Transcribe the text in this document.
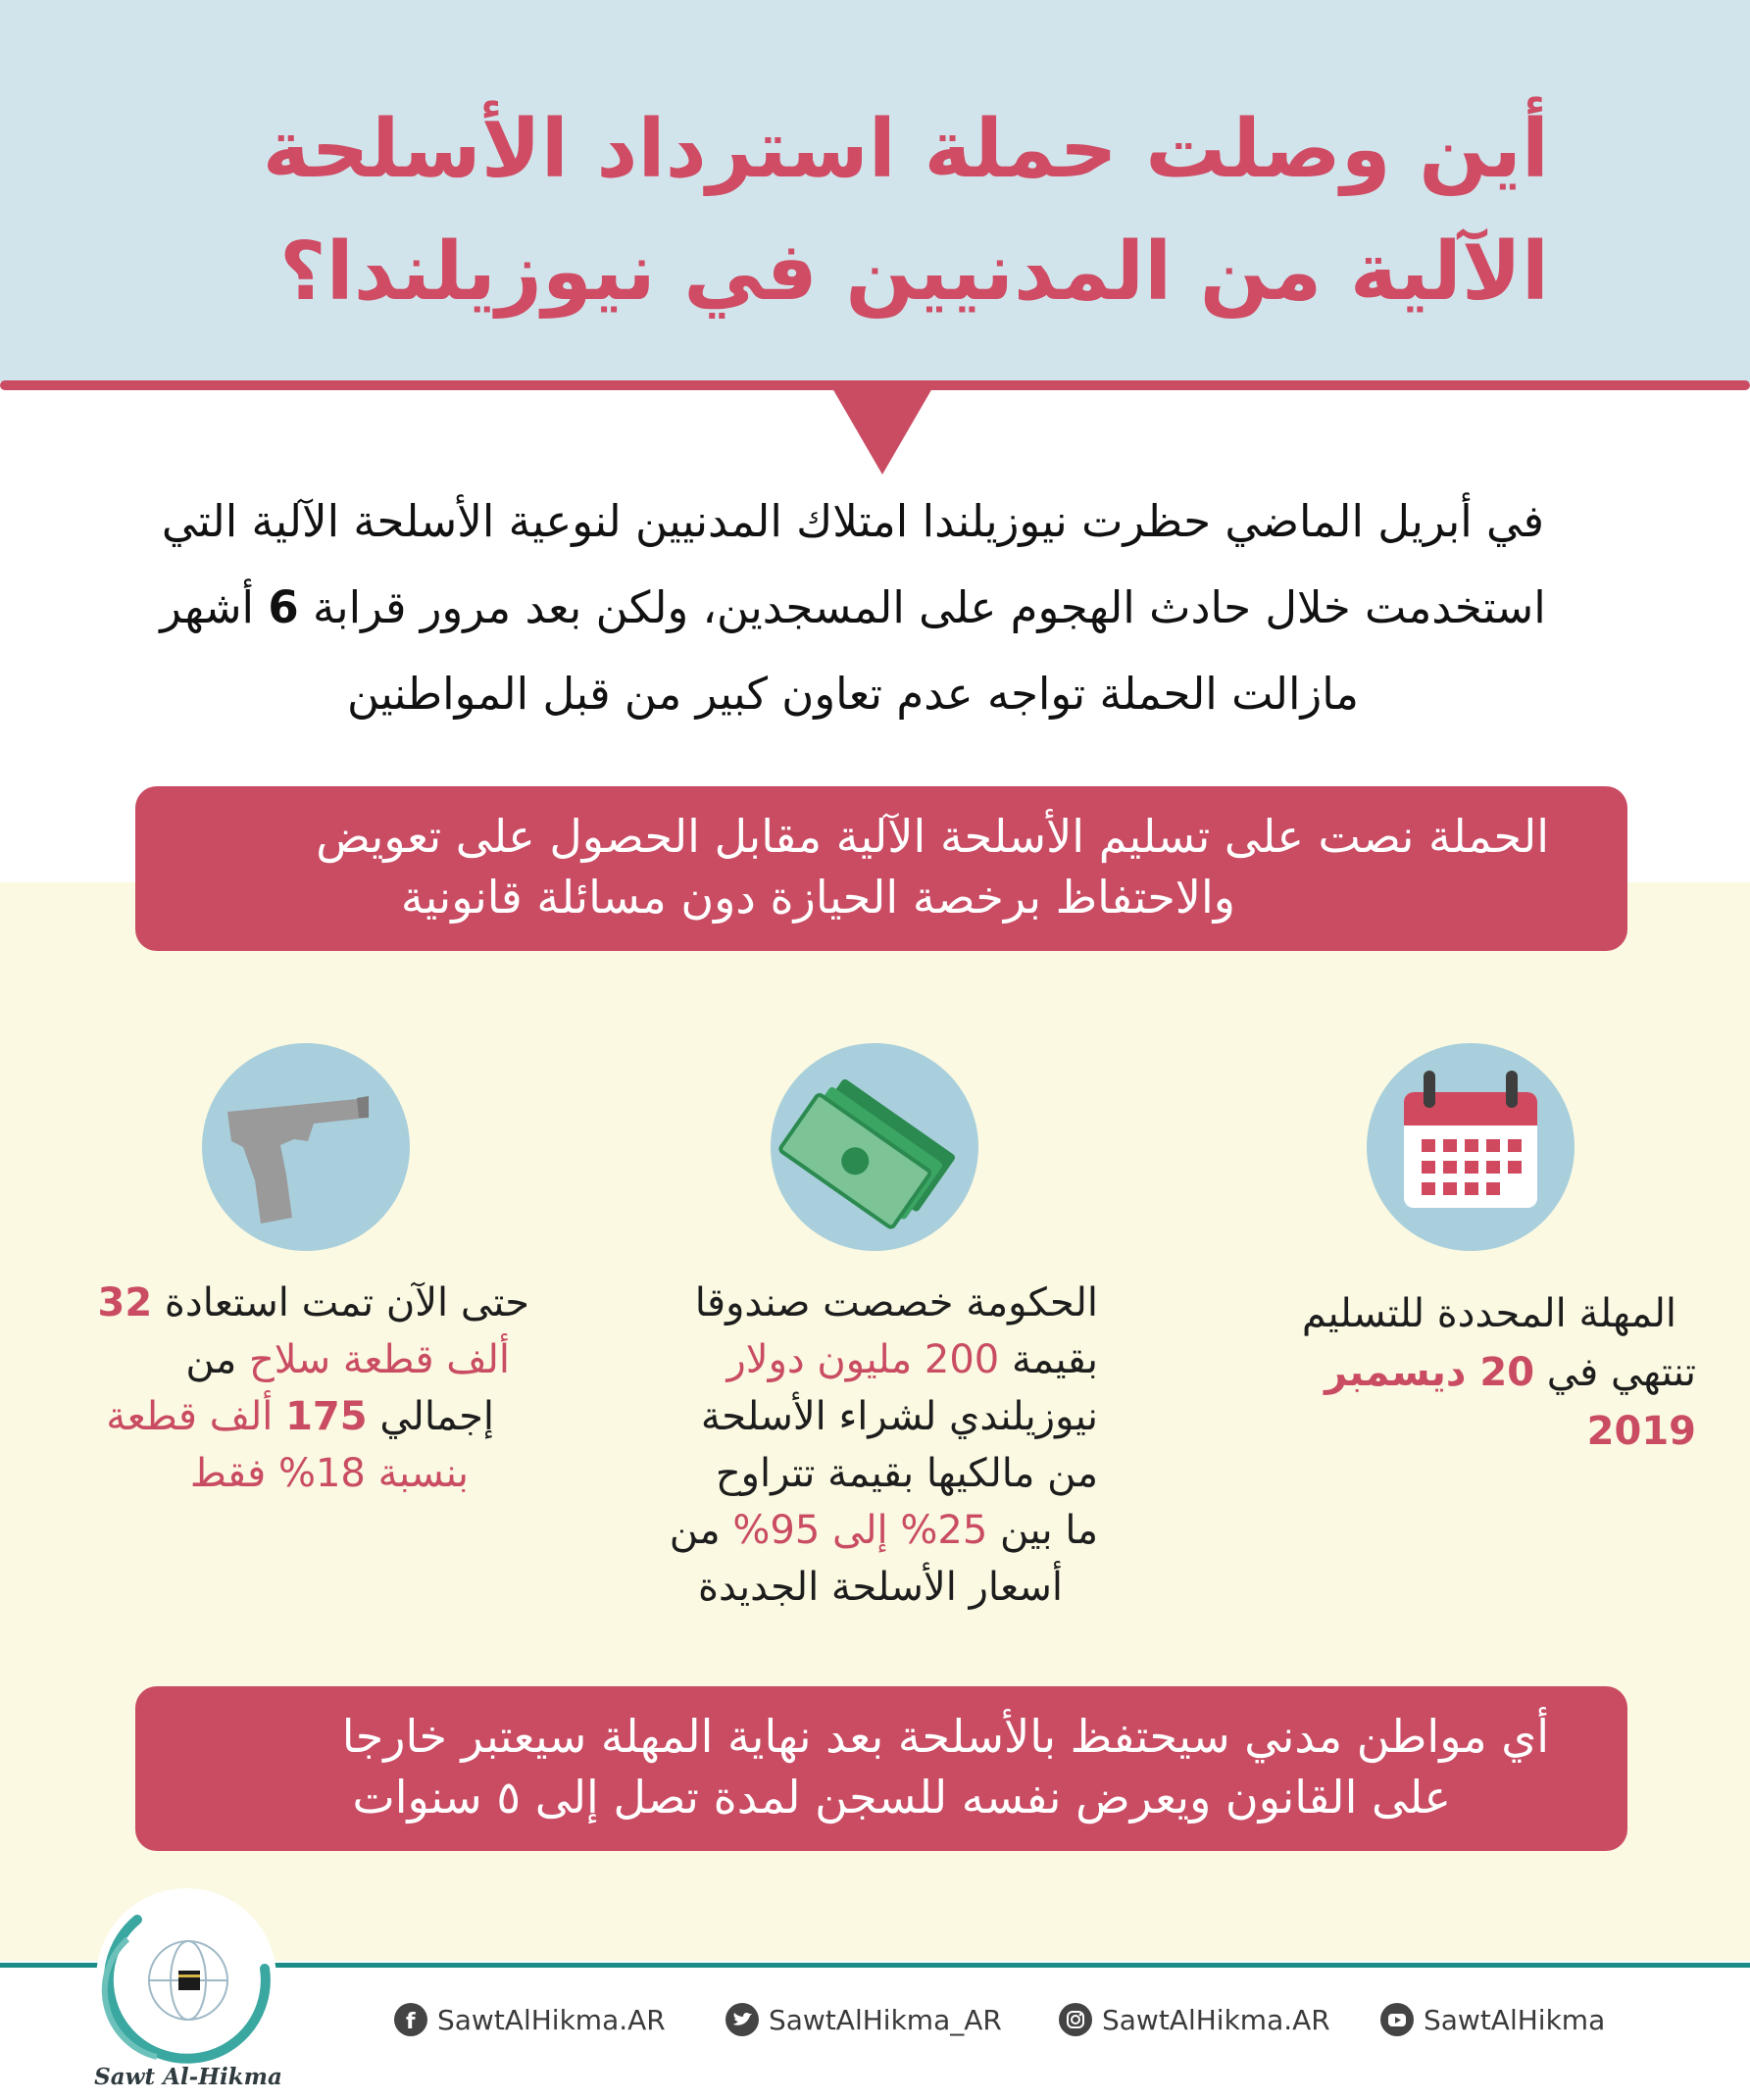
أين وصلت حملة استرداد الأسلحة
الآلية من المدنيين في نيوزيلندا؟
في أبريل الماضي حظرت نيوزيلندا امتلاك المدنيين لنوعية الأسلحة الآلية التي
استخدمت خلال حادث الهجوم على المسجدين، ولكن بعد مرور قرابة 6 أشهر
مازالت الحملة تواجه عدم تعاون كبير من قبل المواطنين
الحملة نصت على تسليم الأسلحة الآلية مقابل الحصول على تعويض
والاحتفاظ برخصة الحيازة دون مسائلة قانونية
المهلة المحددة للتسليم
تنتهي في 20 ديسمبر 2019
الحكومة خصصت صندوقا
بقيمة 200 مليون دولار
نيوزيلندي لشراء الأسلحة
من مالكيها بقيمة تتراوح
ما بين 25% إلى 95% من
أسعار الأسلحة الجديدة
حتى الآن تمت استعادة 32
ألف قطعة سلاح من
إجمالي 175 ألف قطعة
بنسبة 18% فقط
أي مواطن مدني سيحتفظ بالأسلحة بعد نهاية المهلة سيعتبر خارجا
على القانون ويعرض نفسه للسجن لمدة تصل إلى ٥ سنوات
Sawt Al-Hikma
f SawtAlHikma.AR	SawtAlHikma_AR	SawtAlHikma.AR	SawtAlHikma
